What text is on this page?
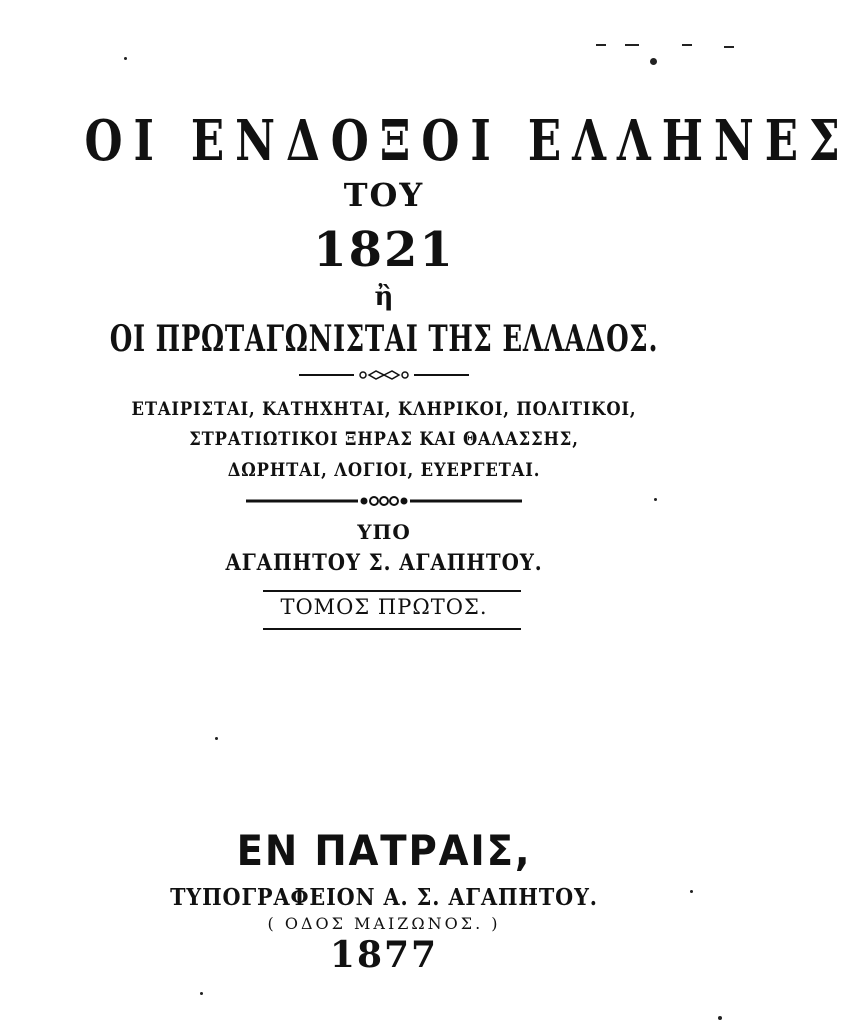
ΟΙ ΕΝΔΟΞΟΙ ΕΛΛΗΝΕΣ
ΤΟΥ
1821
ἢ
ΟΙ ΠΡΩΤΑΓΩΝΙΣΤΑΙ ΤΗΣ ΕΛΛΑΔΟΣ.
ΕΤΑΙΡΙΣΤΑΙ, ΚΑΤΗΧΗΤΑΙ, ΚΛΗΡΙΚΟΙ, ΠΟΛΙΤΙΚΟΙ,
ΣΤΡΑΤΙΩΤΙΚΟΙ ΞΗΡΑΣ ΚΑΙ ΘΑΛΑΣΣΗΣ,
ΔΩΡΗΤΑΙ, ΛΟΓΙΟΙ, ΕΥΕΡΓΕΤΑΙ.
ΥΠΟ
ΑΓΑΠΗΤΟΥ Σ. ΑΓΑΠΗΤΟΥ.
ΤΟΜΟΣ ΠΡΩΤΟΣ.
ΕΝ ΠΑΤΡΑΙΣ,
ΤΥΠΟΓΡΑΦΕΙΟΝ Α. Σ. ΑΓΑΠΗΤΟΥ.
( ΟΔΟΣ ΜΑΙΖΩΝΟΣ. )
1877
